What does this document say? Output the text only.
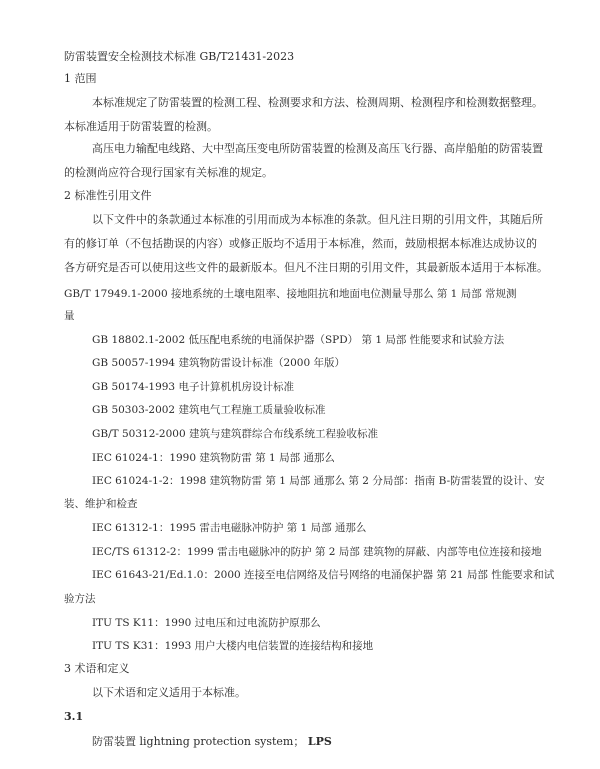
防雷装置安全检测技术标准 GB/T21431-2023
1 范围
本标准规定了防雷装置的检测工程、检测要求和方法、检测周期、检测程序和检测数据整理。
本标准适用于防雷装置的检测。
高压电力输配电线路、大中型高压变电所防雷装置的检测及高压飞行器、高岸船舶的防雷装置
的检测尚应符合现行国家有关标准的规定。
2 标准性引用文件
以下文件中的条款通过本标准的引用而成为本标准的条款。但凡注日期的引用文件，其随后所
有的修订单（不包括勘误的内容）或修正版均不适用于本标准，然而，鼓励根据本标准达成协议的
各方研究是否可以使用这些文件的最新版本。但凡不注日期的引用文件，其最新版本适用于本标准。
GB/T 17949.1-2000 接地系统的土壤电阻率、接地阻抗和地面电位测量导那么 第 1 局部 常规测
量
GB 18802.1-2002 低压配电系统的电涌保护器（SPD） 第 1 局部 性能要求和试验方法
GB 50057-1994 建筑物防雷设计标准（2000 年版）
GB 50174-1993 电子计算机机房设计标准
GB 50303-2002 建筑电气工程施工质量验收标准
GB/T 50312-2000 建筑与建筑群综合布线系统工程验收标准
IEC 61024-1：1990 建筑物防雷 第 1 局部 通那么
IEC 61024-1-2：1998 建筑物防雷 第 1 局部 通那么 第 2 分局部：指南 B-防雷装置的设计、安
装、维护和检查
IEC 61312-1：1995 雷击电磁脉冲防护 第 1 局部 通那么
IEC/TS 61312-2：1999 雷击电磁脉冲的防护 第 2 局部 建筑物的屏蔽、内部等电位连接和接地
IEC 61643-21/Ed.1.0：2000 连接至电信网络及信号网络的电涌保护器 第 21 局部 性能要求和试
验方法
ITU TS K11：1990 过电压和过电流防护原那么
ITU TS K31：1993 用户大楼内电信装置的连接结构和接地
3 术语和定义
以下术语和定义适用于本标准。
3.1
防雷装置 lightning protection system； LPS
